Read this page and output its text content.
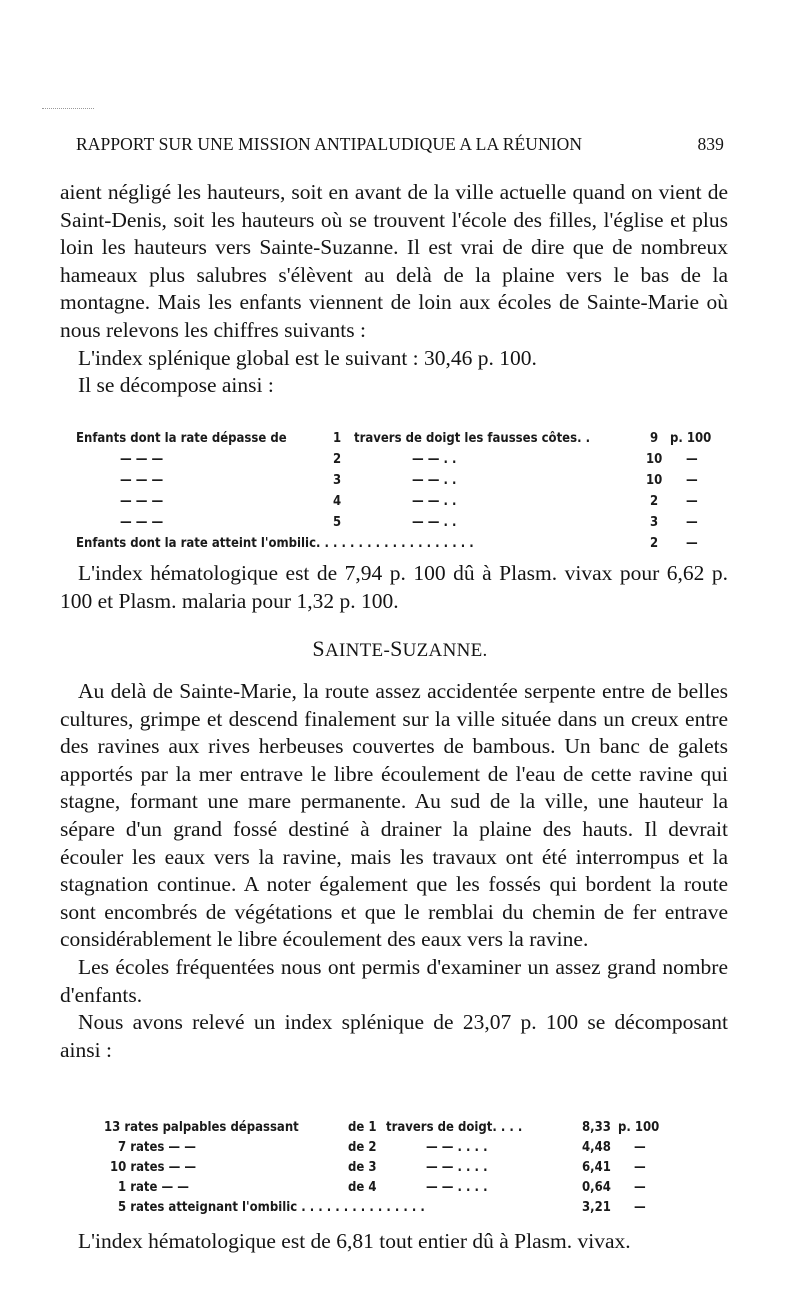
RAPPORT SUR UNE MISSION ANTIPALUDIQUE A LA RÉUNION	839

aient négligé les hauteurs, soit en avant de la ville actuelle quand on vient de Saint-Denis, soit les hauteurs où se trouvent l'école des filles, l'église et plus loin les hauteurs vers Sainte-Suzanne. Il est vrai de dire que de nombreux hameaux plus salubres s'élèvent au delà de la plaine vers le bas de la montagne. Mais les enfants viennent de loin aux écoles de Sainte-Marie où nous relevons les chiffres suivants :

L'index splénique global est le suivant : 30,46 p. 100.

Il se décompose ainsi :

Enfants dont la rate dépasse de	1 travers de doigt les fausses côtes. .	9 p. 100
— — —	2	— — . .	10 —
— — —	3	— — . .	10 —
— — —	4	— — . .	2 —
— — —	5	— — . .	3 —
Enfants dont la rate atteint l'ombilic. . . . . . . . . . . . . . . . . . .	2 —

L'index hématologique est de 7,94 p. 100 dû à Plasm. vivax pour 6,62 p. 100 et Plasm. malaria pour 1,32 p. 100.

SAINTE-SUZANNE.

Au delà de Sainte-Marie, la route assez accidentée serpente entre de belles cultures, grimpe et descend finalement sur la ville située dans un creux entre des ravines aux rives herbeuses couvertes de bambous. Un banc de galets apportés par la mer entrave le libre écoulement de l'eau de cette ravine qui stagne, formant une mare permanente. Au sud de la ville, une hauteur la sépare d'un grand fossé destiné à drainer la plaine des hauts. Il devrait écouler les eaux vers la ravine, mais les travaux ont été interrompus et la stagnation continue. A noter également que les fossés qui bordent la route sont encombrés de végétations et que le remblai du chemin de fer entrave considérablement le libre écoulement des eaux vers la ravine.

Les écoles fréquentées nous ont permis d'examiner un assez grand nombre d'enfants.

Nous avons relevé un index splénique de 23,07 p. 100 se décomposant ainsi :

13 rates palpables dépassant	de 1 travers de doigt. . . .	8,33 p. 100
7 rates — —	de 2	— — . . . .	4,48 —
10 rates — —	de 3	— — . . . .	6,41 —
1 rate — —	de 4	— — . . . .	0,64 —
5 rates atteignant l'ombilic . . . . . . . . . . . . . . .	3,21 —

L'index hématologique est de 6,81 tout entier dû à Plasm. vivax.
